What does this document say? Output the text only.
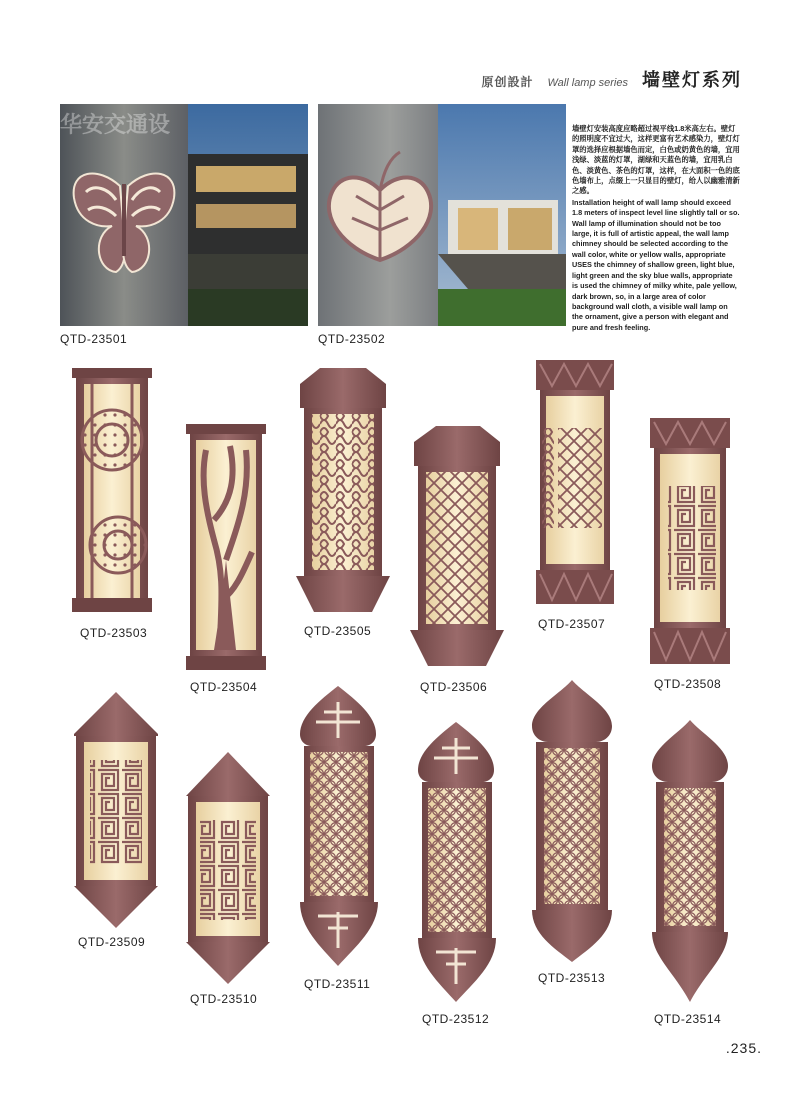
原创設計 Wall lamp series 墙壁灯系列
华安交通设
QTD-23501	QTD-23502
墙壁灯安装高度应略超过视平线1.8米高左右。壁灯的照明度不宜过大，这样更富有艺术感染力，壁灯灯罩的选择应根据墙色而定，白色或奶黄色的墙，宜用浅绿、淡蓝的灯罩，湖绿和天蓝色的墙，宜用乳白色、淡黄色、茶色的灯罩，这样，在大面积一色的底色墙布上，点缀上一只显目的壁灯，给人以幽雅清新之感。
Installation height of wall lamp should exceed 1.8 meters of inspect level line slightly tall or so. Wall lamp of illumination should not be too large, it is full of artistic appeal, the wall lamp chimney should be selected according to the wall color, white or yellow walls, appropriate USES the chimney of shallow green, light blue, light green and the sky blue walls, appropriate is used the chimney of milky white, pale yellow, dark brown, so, in a large area of color background wall cloth, a visible wall lamp on the ornament, give a person with elegant and pure and fresh feeling.
QTD-23503
QTD-23504
QTD-23505
QTD-23506
QTD-23507
QTD-23508
QTD-23509
QTD-23510
QTD-23511
QTD-23512
QTD-23513
QTD-23514
.235.
